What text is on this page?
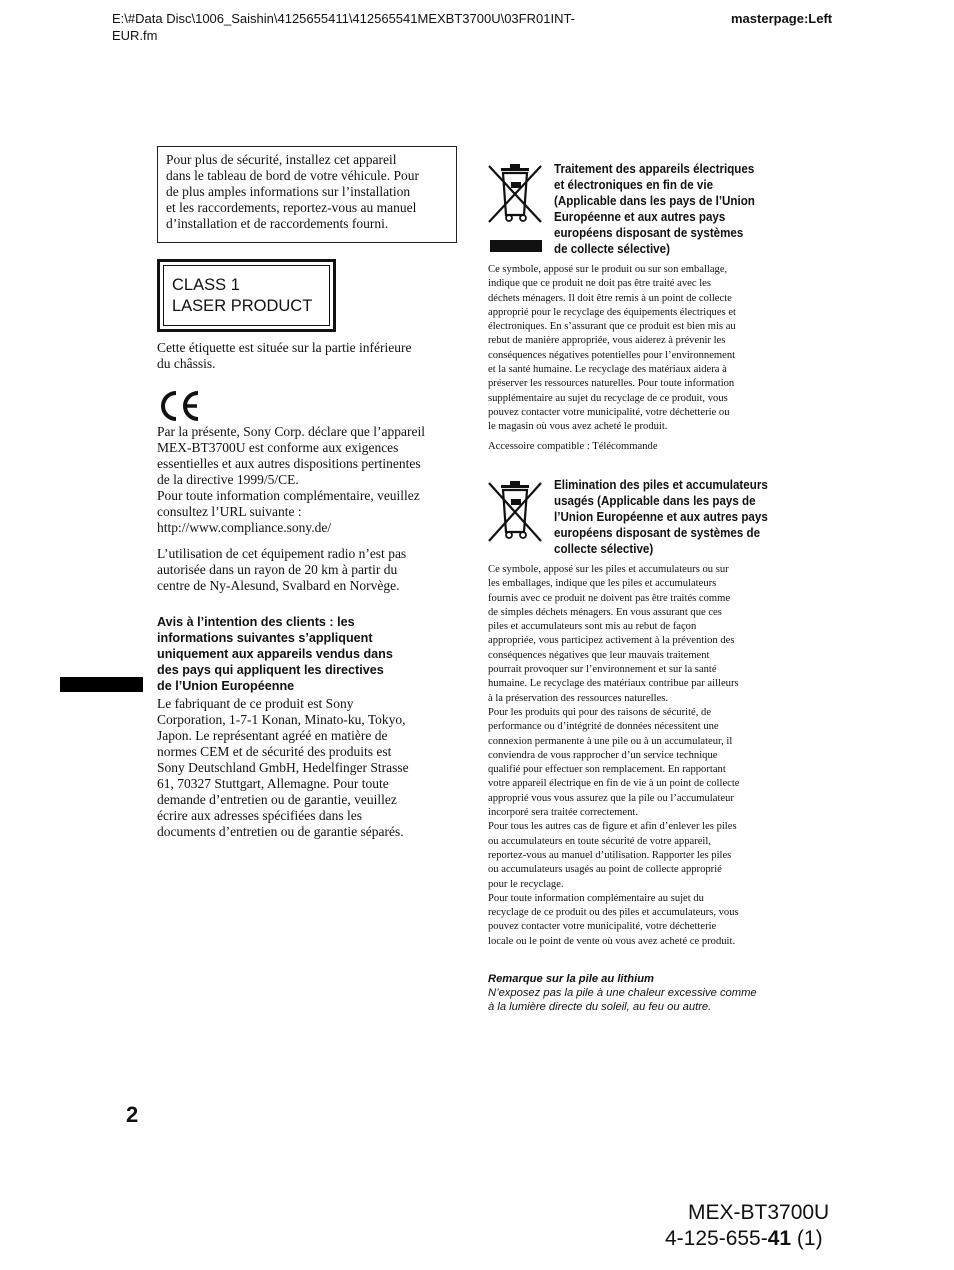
E:\#Data Disc\1006_Saishin\4125655411\412565541MEXBT3700U\03FR01INT-
EUR.fm
masterpage:Left
Pour plus de sécurité, installez cet appareil
dans le tableau de bord de votre véhicule. Pour
de plus amples informations sur l’installation
et les raccordements, reportez-vous au manuel
d’installation et de raccordements fourni.
CLASS 1
LASER PRODUCT
Cette étiquette est située sur la partie inférieure
du châssis.
Par la présente, Sony Corp. déclare que l’appareil
MEX-BT3700U est conforme aux exigences
essentielles et aux autres dispositions pertinentes
de la directive 1999/5/CE.
Pour toute information complémentaire, veuillez
consultez l’URL suivante :
http://www.compliance.sony.de/
L’utilisation de cet équipement radio n’est pas
autorisée dans un rayon de 20 km à partir du
centre de Ny-Alesund, Svalbard en Norvège.
Avis à l’intention des clients : les
informations suivantes s’appliquent
uniquement aux appareils vendus dans
des pays qui appliquent les directives
de l’Union Européenne
Le fabriquant de ce produit est Sony
Corporation, 1-7-1 Konan, Minato-ku, Tokyo,
Japon. Le représentant agréé en matière de
normes CEM et de sécurité des produits est
Sony Deutschland GmbH, Hedelfinger Strasse
61, 70327 Stuttgart, Allemagne. Pour toute
demande d’entretien ou de garantie, veuillez
écrire aux adresses spécifiées dans les
documents d’entretien ou de garantie séparés.
Traitement des appareils électriques
et électroniques en fin de vie
(Applicable dans les pays de l’Union
Européenne et aux autres pays
européens disposant de systèmes
de collecte sélective)
Ce symbole, apposé sur le produit ou sur son emballage,
indique que ce produit ne doit pas être traité avec les
déchets ménagers. Il doit être remis à un point de collecte
approprié pour le recyclage des équipements électriques et
électroniques. En s’assurant que ce produit est bien mis au
rebut de manière appropriée, vous aiderez à prévenir les
conséquences négatives potentielles pour l’environnement
et la santé humaine. Le recyclage des matériaux aidera à
préserver les ressources naturelles. Pour toute information
supplémentaire au sujet du recyclage de ce produit, vous
pouvez contacter votre municipalité, votre déchetterie ou
le magasin où vous avez acheté le produit.
Accessoire compatible : Télécommande
Elimination des piles et accumulateurs
usagés (Applicable dans les pays de
l’Union Européenne et aux autres pays
européens disposant de systèmes de
collecte sélective)
Ce symbole, apposé sur les piles et accumulateurs ou sur
les emballages, indique que les piles et accumulateurs
fournis avec ce produit ne doivent pas être traités comme
de simples déchets ménagers. En vous assurant que ces
piles et accumulateurs sont mis au rebut de façon
appropriée, vous participez activement à la prévention des
conséquences négatives que leur mauvais traitement
pourrait provoquer sur l’environnement et sur la santé
humaine. Le recyclage des matériaux contribue par ailleurs
à la préservation des ressources naturelles.
Pour les produits qui pour des raisons de sécurité, de
performance ou d’intégrité de données nécessitent une
connexion permanente à une pile ou à un accumulateur, il
conviendra de vous rapprocher d’un service technique
qualifié pour effectuer son remplacement. En rapportant
votre appareil électrique en fin de vie à un point de collecte
approprié vous vous assurez que la pile ou l’accumulateur
incorporé sera traitée correctement.
Pour tous les autres cas de figure et afin d’enlever les piles
ou accumulateurs en toute sécurité de votre appareil,
reportez-vous au manuel d’utilisation. Rapporter les piles
ou accumulateurs usagés au point de collecte approprié
pour le recyclage.
Pour toute information complémentaire au sujet du
recyclage de ce produit ou des piles et accumulateurs, vous
pouvez contacter votre municipalité, votre déchetterie
locale ou le point de vente où vous avez acheté ce produit.
Remarque sur la pile au lithium
N’exposez pas la pile à une chaleur excessive comme
à la lumière directe du soleil, au feu ou autre.
2
MEX-BT3700U
4-125-655-41 (1)
